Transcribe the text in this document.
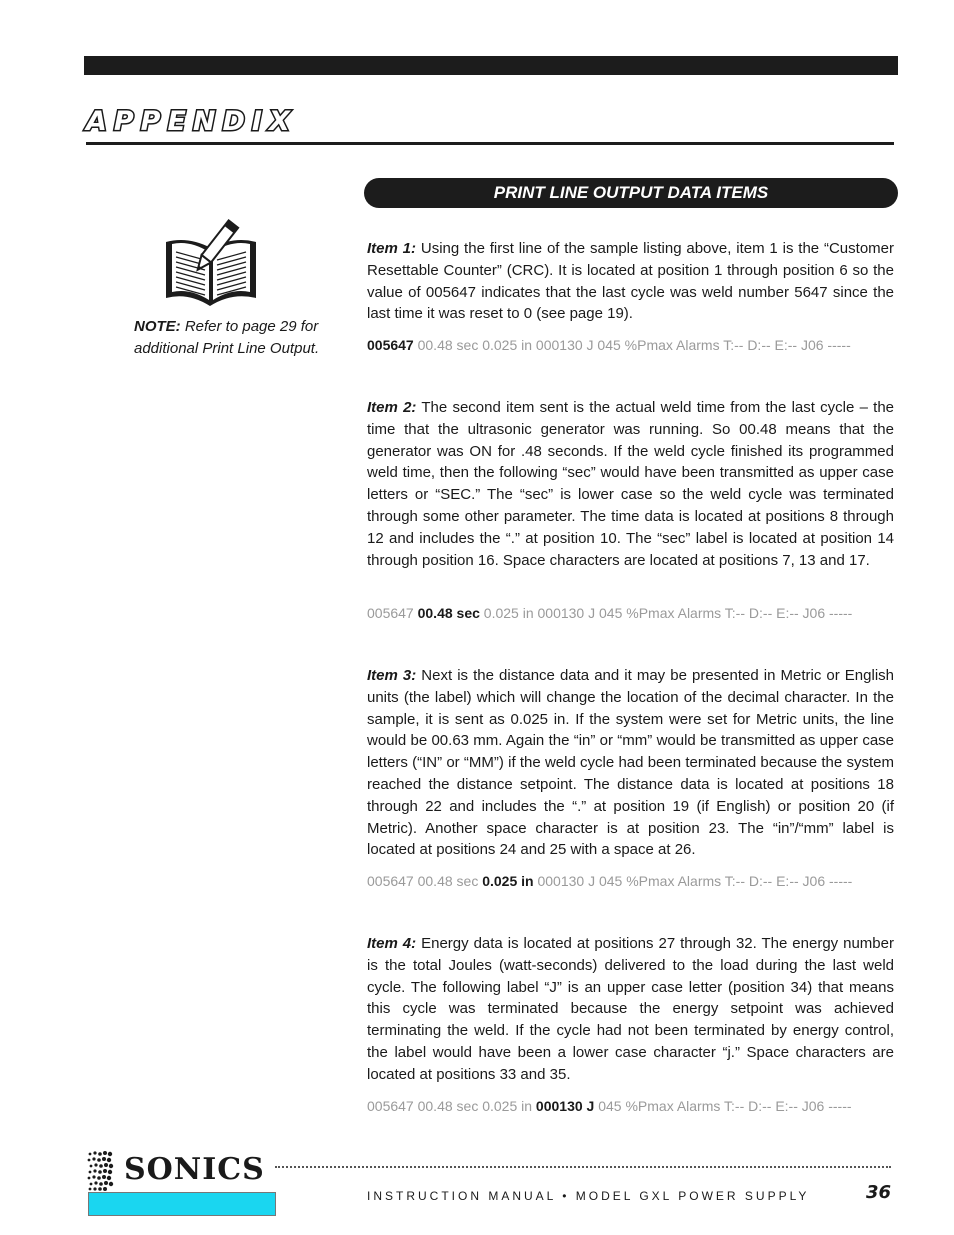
APPENDIX

NOTE: Refer to page 29 for additional Print Line Output.

PRINT LINE OUTPUT DATA ITEMS

Item 1: Using the first line of the sample listing above, item 1 is the “Customer Resettable Counter” (CRC). It is located at position 1 through position 6 so the value of 005647 indicates that the last cycle was weld number 5647 since the last time it was reset to 0 (see page 19).

005647 00.48 sec 0.025 in 000130 J 045 %Pmax Alarms T:-- D:-- E:-- J06 -----

Item 2: The second item sent is the actual weld time from the last cycle – the time that the ultrasonic generator was running. So 00.48 means that the generator was ON for .48 seconds. If the weld cycle finished its programmed weld time, then the following “sec” would have been transmitted as upper case letters or “SEC.” The “sec” is lower case so the weld cycle was terminated through some other parameter. The time data is located at positions 8 through 12 and includes the “.” at position 10. The “sec” label is located at position 14 through position 16. Space characters are located at positions 7, 13 and 17.

005647 00.48 sec 0.025 in 000130 J 045 %Pmax Alarms T:-- D:-- E:-- J06 -----

Item 3: Next is the distance data and it may be presented in Metric or English units (the label) which will change the location of the decimal character. In the sample, it is sent as 0.025 in. If the system were set for Metric units, the line would be 00.63 mm. Again the “in” or “mm” would be transmitted as upper case letters (“IN” or “MM”) if the weld cycle had been terminated because the system reached the distance setpoint. The distance data is located at positions 18 through 22 and includes the “.” at position 19 (if English) or position 20 (if Metric). Another space character is at position 23. The “in”/“mm” label is located at positions 24 and 25 with a space at 26.

005647 00.48 sec 0.025 in 000130 J 045 %Pmax Alarms T:-- D:-- E:-- J06 -----

Item 4: Energy data is located at positions 27 through 32. The energy number is the total Joules (watt-seconds) delivered to the load during the last weld cycle. The following label “J” is an upper case letter (position 34) that means this cycle was terminated because the energy setpoint was achieved terminating the weld. If the cycle had not been terminated by energy control, the label would have been a lower case character “j.” Space characters are located at positions 33 and 35.

005647 00.48 sec 0.025 in 000130 J 045 %Pmax Alarms T:-- D:-- E:-- J06 -----

SONICS

INSTRUCTION MANUAL • MODEL GXL POWER SUPPLY	36
